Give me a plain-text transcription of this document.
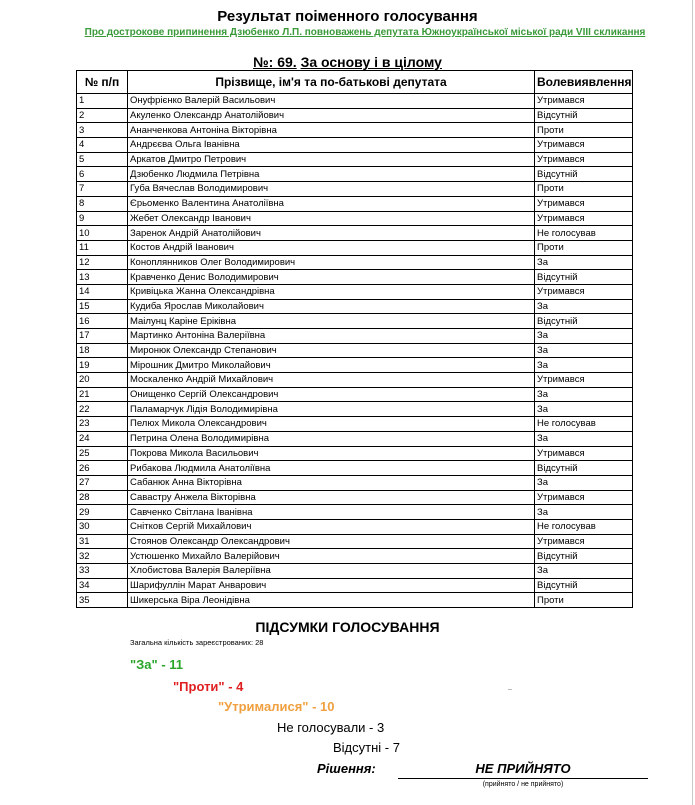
Результат поіменного голосування
Про дострокове припинення Дзюбенко Л.П. повноважень депутата Южноукраїнської міської ради VIII скликання
№: 69. За основу і в цілому
№ п/п	Прізвище, ім'я та по-батькові депутата	Волевиявлення
1	Онуфрієнко Валерій Васильович	Утримався
2	Акуленко Олександр Анатолійович	Відсутній
3	Ананченкова Антоніна Вікторівна	Проти
4	Андрєєва Ольга Іванівна	Утримався
5	Аркатов Дмитро Петрович	Утримався
6	Дзюбенко Людмила Петрівна	Відсутній
7	Губа Вячеслав Володимирович	Проти
8	Єрьоменко Валентина Анатоліївна	Утримався
9	Жебет Олександр Іванович	Утримався
10	Заренок Андрій Анатолійович	Не голосував
11	Костов Андрій Іванович	Проти
12	Коноплянников Олег Володимирович	За
13	Кравченко Денис Володимирович	Відсутній
14	Кривіцька Жанна Олександрівна	Утримався
15	Кудиба Ярослав Миколайович	За
16	Маілунц Каріне Еріківна	Відсутній
17	Мартинко Антоніна Валеріївна	За
18	Миронюк Олександр Степанович	За
19	Мірошник Дмитро Миколайович	За
20	Москаленко Андрій Михайлович	Утримався
21	Онищенко Сергій Олександрович	За
22	Паламарчук Лідія Володимирівна	За
23	Пелюх Микола Олександрович	Не голосував
24	Петрина Олена Володимирівна	За
25	Покрова Микола Васильович	Утримався
26	Рибакова Людмила Анатоліївна	Відсутній
27	Сабанюк Анна Вікторівна	За
28	Савастру Анжела Вікторівна	Утримався
29	Савченко Світлана Іванівна	За
30	Снітков Сергій Михайлович	Не голосував
31	Стоянов Олександр Олександрович	Утримався
32	Устюшенко Михайло Валерійович	Відсутній
33	Хлобистова Валерія Валеріївна	За
34	Шарифуллін Марат Анварович	Відсутній
35	Шикерська Віра Леонідівна	Проти
ПІДСУМКИ ГОЛОСУВАННЯ
Загальна кількість зареєстрованих: 28
"За" - 11
"Проти" - 4
"Утрималися" - 10
Не голосували - 3
Відсутні - 7
Рішення:	НЕ ПРИЙНЯТО
(прийнято / не прийнято)
